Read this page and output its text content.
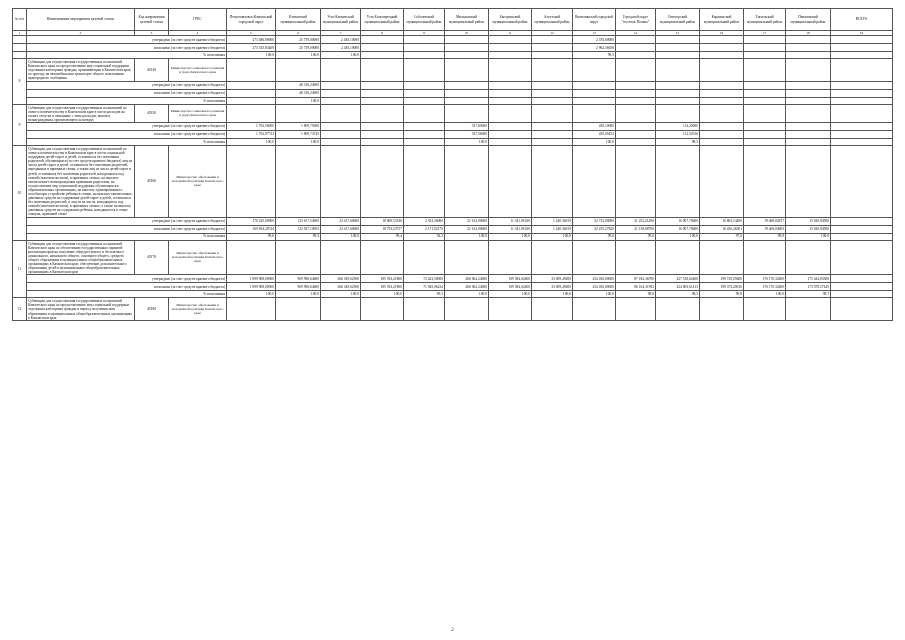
№ п/п	Наименование мероприятия целевой статьи	Код направления целевой статьи	ГРБС	Петропавловск-Камчатский городской округ	Елизовский муниципальный район	Усть-Камчатский муниципальный район	Усть-Большерецкий муниципальный район	Соболевский муниципальный район	Мильковский муниципальный район	Быстринский муниципальный район	Алеутский муниципальный район	Вилючинский городской округ	Городской округ "поселок Палана"	Олюторский муниципальный район	Карагинский муниципальный район	Тигильский муниципальный район	Пенжинский муниципальный район	ВСЕГО	
1	2	3	4	5	6	7	8	9	10	11	12	13	14	15	16	17	18	19	
	утверждено (за счет средств краевого бюджета)			273 486,80000	25 759,00000	2 436,10000						2 376,60000							
	исполнено (за счет средств краевого бюджета)			273 335,83469	25 759,00000	2 436,10000						2 962,36650							
	% исполнения			100,0	100,0	100,0						99,5							
8	Субвенции для осуществления государственных полномочий Камчатского края по предоставлению мер социальной поддержки отдельным категориям граждан, проживающим в Камчатском крае, по проезду на автомобильном транспорте общего пользования пригородного сообщения	40140	Министерство социального развития и труда Камчатского края																
	утверждено (за счет средств краевого бюджета)				48 316,24000														
	исполнено (за счет средств краевого бюджета)				48 316,24000														
	% исполнения				100,0														
9	Субвенции для осуществления государственных полномочий по опеке и попечительству в Камчатском крае в части расходов на оплату отпуска и связанных с этим расходов, выплату вознаграждения, причитающегося опекуну	40150	Министерство социального развития и труда Камчатского края																
	утверждено (за счет средств краевого бюджета)			1 763,56000	1 809,75000				337,60000			450,10000		114,20000					
	исполнено (за счет средств краевого бюджета)			1 762,97722	1 809,74745				337,56000			450,09254		112,52916					
	% исполнения			100,0	100,0				100,0			100,0		98,5					
10	Субвенции для осуществления государственных полномочий по опеке и попечительству в Камчатском крае в части социальной поддержки детей-сирот и детей, оставшихся без попечения родителей, обучающихся (за счет средств краевого бюджета) лиц из числа детей-сирот и детей, оставшихся без попечения родителей, переданных в приемные семьи, а также лиц из числа детей-сирот и детей, оставшихся без попечения родителей, находящихся под опекой (попечительством), в приемных семьях, на выплату ежемесячного вознаграждения приемным родителям, на осуществление мер социальной поддержки обучающихся в образовательных организациях, на выплату единовременного пособия при устройстве ребенка в семью, на выплату ежемесячных денежных средств на содержание детей-сирот и детей, оставшихся без попечения родителей, и лиц из их числа, находящихся под опекой (попечительством), в приемных семьях, а также на выплату денежных средств на содержание ребенка, находящегося в семье опекуна, приемной семье	40160	Министерство образования и молодежной политики Камчатского края																
	утверждено (за счет средств краевого бюджета)			170 245,00000	123 617,54000	23 417,60000	18 869,53146	2 354,36000	21 613,00000	11 341,91020	1 240,36019	52 723,00000	21 252,21200	16 007,79600	16 863,14400	19 468,02817	15 020,84500		
	исполнено (за счет средств краевого бюджета)			169 694,28744	122 927,10953	23 417,60000	18 753,23757	2 171,02179	21 613,00000	11 341,91020	1 240,36019	52 235,27820	21 158,88700	16 007,79600	16 456,26301	19 406,04003	15 020,84500		
	% исполнения			99,6	99,3	100,0	99,4	92,2	100,0	100,0	100,0	99,6	99,6	100,0	97,6	99,8	100,0		
11	Субвенции для осуществления государственных полномочий Камчатского края по обеспечению государственных гарантий реализации прав на получение общедоступного и бесплатного дошкольного, начального общего, основного общего, среднего общего образования в муниципальных общеобразовательных организациях в Камчатском крае, обеспечение дополнительного образования детей в муниципальных общеобразовательных организациях в Камчатском крае	40170	Министерство образования и молодежной политики Камчатского края																
	утверждено (за счет средств краевого бюджета)			1 899 908,00000	969 996,64600	266 349,62500	185 394,21800	72 423,50000	266 062,24000	109 384,02400	33 009,49200	254 456,00000	87 182,36700	227 518,62400	199 729,05600	176 170,32600	175 444,83300		
	исполнено (за счет средств краевого бюджета)			1 899 908,00000	969 996,64600	266 349,62500	185 394,21800	71 945,06234	266 062,24000	109 384,02400	33 009,49200	254 456,00000	86 164,31992	224 003,61413	199 373,20016	176 170,32600	173 078,57445		
	% исполнения			100,0	100,0	100,0	100,0	99,3	100,0	100,0	100,0	100,0	98,8	98,5	99,8	100,0	98,7		
12	Субвенции для осуществления государственных полномочий Камчатского края по предоставлению мер социальной поддержки отдельным категориям граждан в период получения ими образования в муниципальных общеобразовательных организациях в Камчатском крае	40180	Министерство образования и молодежной политики Камчатского края																
2
